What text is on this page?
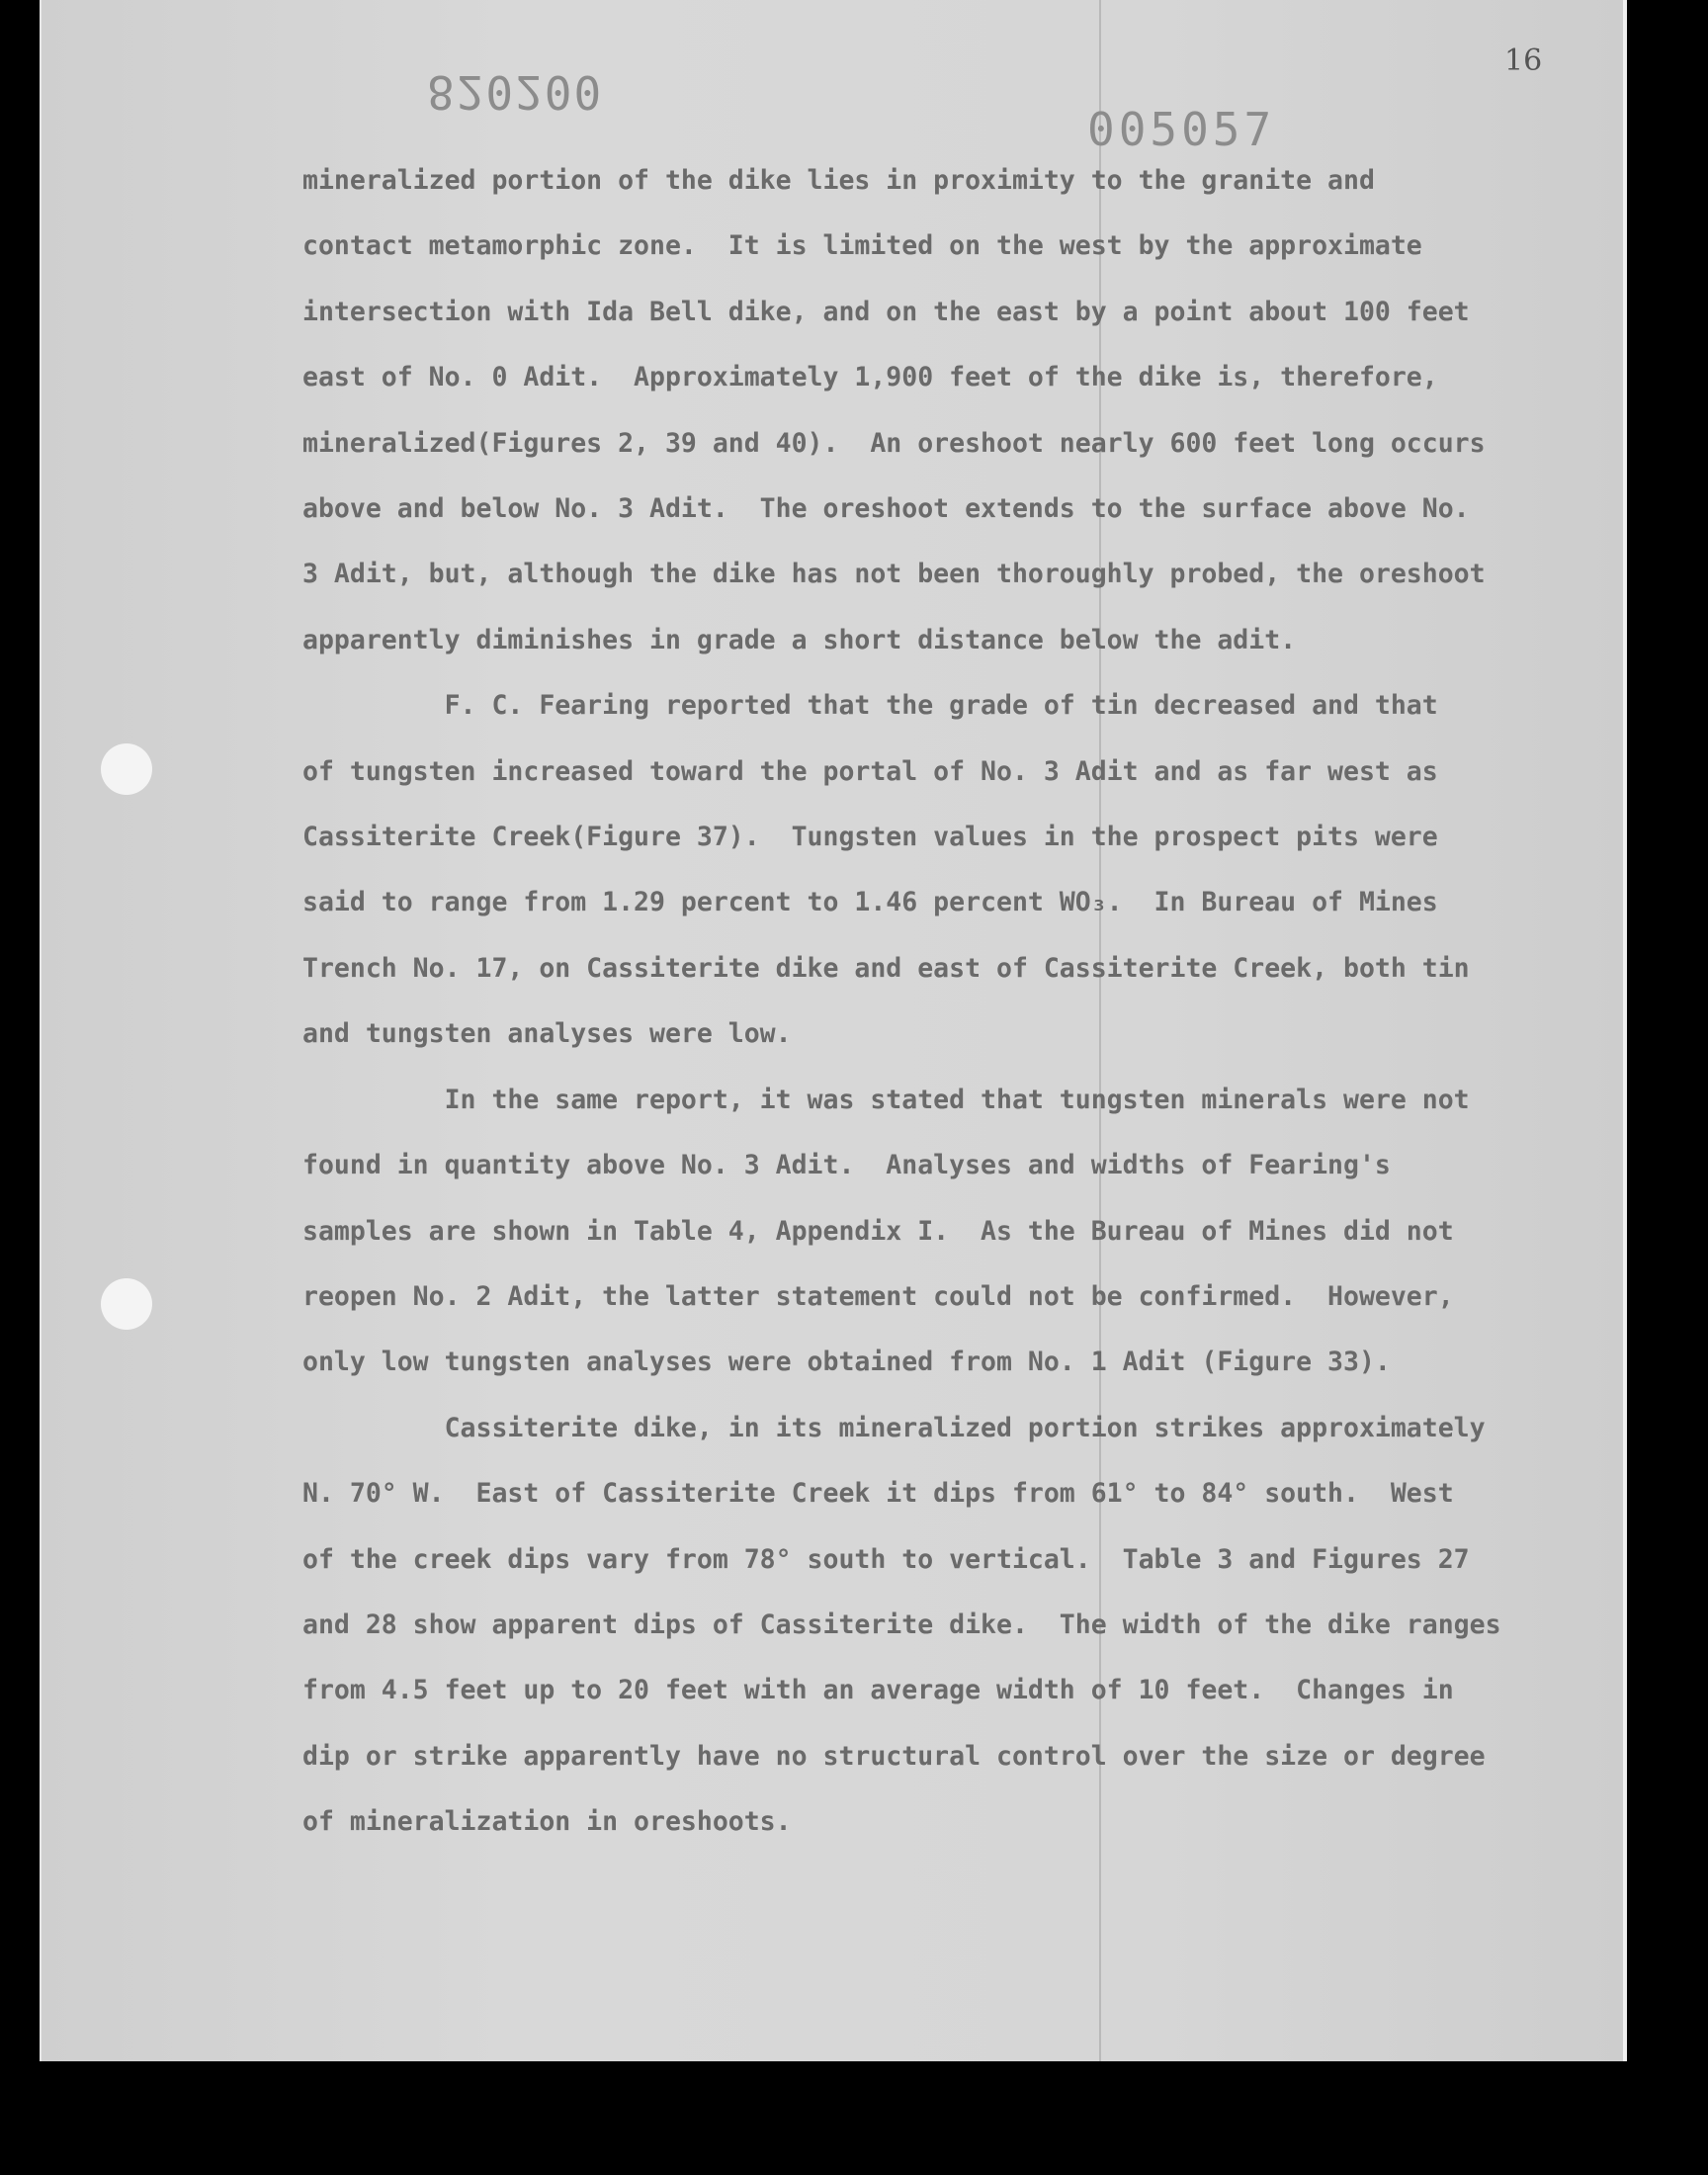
16
820200
005057
mineralized portion of the dike lies in proximity to the granite and
contact metamorphic zone.  It is limited on the west by the approximate
intersection with Ida Bell dike, and on the east by a point about 100 feet
east of No. 0 Adit.  Approximately 1,900 feet of the dike is, therefore,
mineralized(Figures 2, 39 and 40).  An oreshoot nearly 600 feet long occurs
above and below No. 3 Adit.  The oreshoot extends to the surface above No.
3 Adit, but, although the dike has not been thoroughly probed, the oreshoot
apparently diminishes in grade a short distance below the adit.
F. C. Fearing reported that the grade of tin decreased and that
of tungsten increased toward the portal of No. 3 Adit and as far west as
Cassiterite Creek(Figure 37).  Tungsten values in the prospect pits were
said to range from 1.29 percent to 1.46 percent WO₃.  In Bureau of Mines
Trench No. 17, on Cassiterite dike and east of Cassiterite Creek, both tin
and tungsten analyses were low.
In the same report, it was stated that tungsten minerals were not
found in quantity above No. 3 Adit.  Analyses and widths of Fearing's
samples are shown in Table 4, Appendix I.  As the Bureau of Mines did not
reopen No. 2 Adit, the latter statement could not be confirmed.  However,
only low tungsten analyses were obtained from No. 1 Adit (Figure 33).
Cassiterite dike, in its mineralized portion strikes approximately
N. 70° W.  East of Cassiterite Creek it dips from 61° to 84° south.  West
of the creek dips vary from 78° south to vertical.  Table 3 and Figures 27
and 28 show apparent dips of Cassiterite dike.  The width of the dike ranges
from 4.5 feet up to 20 feet with an average width of 10 feet.  Changes in
dip or strike apparently have no structural control over the size or degree
of mineralization in oreshoots.
